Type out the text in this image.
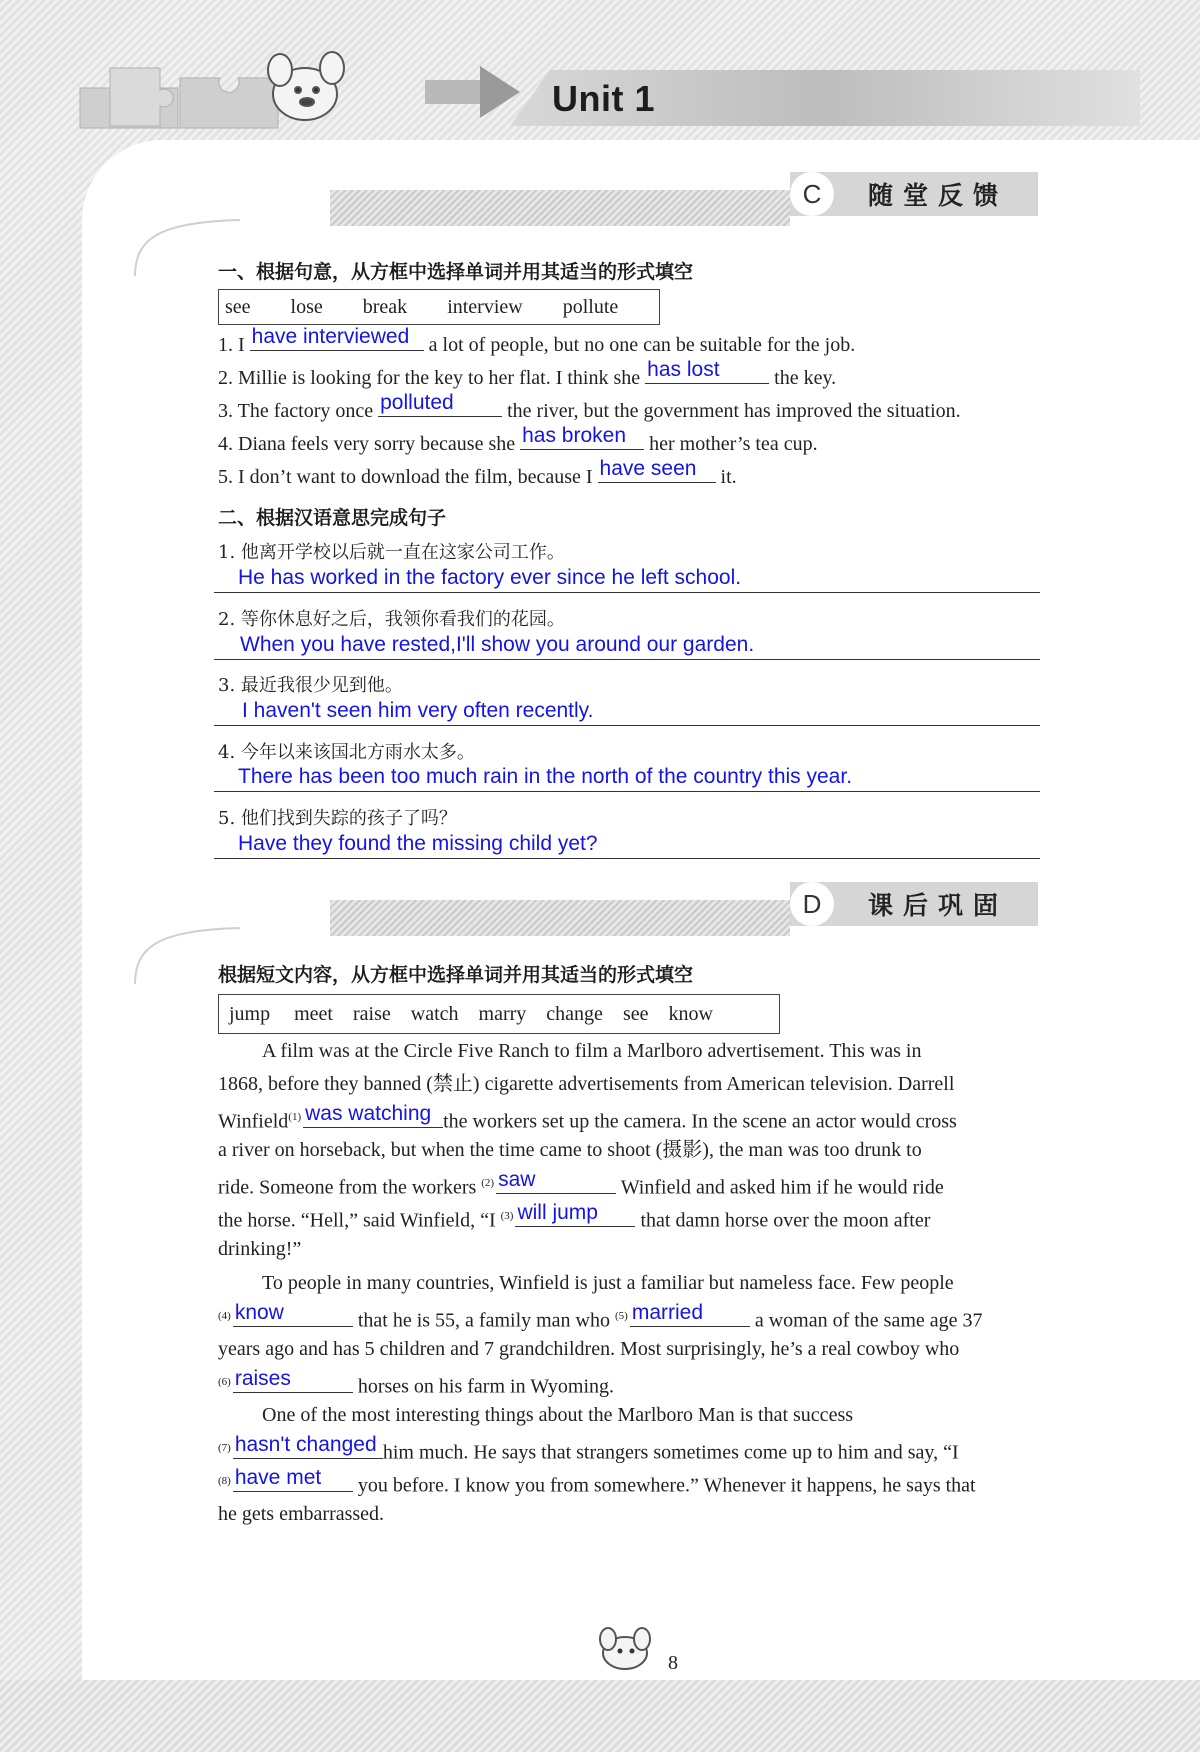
Unit 1
C	随堂反馈
一、根据句意，从方框中选择单词并用其适当的形式填空
see lose break interview pollute
1. I have interviewed a lot of people, but no one can be suitable for the job.
2. Millie is looking for the key to her flat. I think she has lost	the key.
3. The factory once polluted	the river, but the government has improved the situation.
4. Diana feels very sorry because she has broken her mother’s tea cup.
5. I don’t want to download the film, because I have seen it.
二、根据汉语意思完成句子
1. 他离开学校以后就一直在这家公司工作。
He has worked in the factory ever since he left school.
2. 等你休息好之后，我领你看我们的花园。
When you have rested,I'll show you around our garden.
3. 最近我很少见到他。
I haven't seen him very often recently.
4. 今年以来该国北方雨水太多。
There has been too much rain in the north of the country this year.
5. 他们找到失踪的孩子了吗？
Have they found the missing child yet?
D	课后巩固
根据短文内容，从方框中选择单词并用其适当的形式填空
jump meet raise watch marry change see know
A film was at the Circle Five Ranch to film a Marlboro advertisement. This was in
1868, before they banned (禁止) cigarette advertisements from American television. Darrell
Winfield$^{(1)}$ was watching the workers set up the camera. In the scene an actor would cross
a river on horseback, but when the time came to shoot (摄影), the man was too drunk to
ride. Someone from the workers $^{(2)}$ saw	Winfield and asked him if he would ride
the horse. “Hell,” said Winfield, “I $^{(3)}$ will jump that damn horse over the moon after
drinking!”
To people in many countries, Winfield is just a familiar but nameless face. Few people
$^{(4)}$ know	that he is 55, a family man who $^{(5)}$ married	a woman of the same age 37
years ago and has 5 children and 7 grandchildren. Most surprisingly, he’s a real cowboy who
$^{(6)}$ raises	horses on his farm in Wyoming.
One of the most interesting things about the Marlboro Man is that success
$^{(7)}$ hasn't changed him much. He says that strangers sometimes come up to him and say, “I
$^{(8)}$ have met you before. I know you from somewhere.” Whenever it happens, he says that
he gets embarrassed.
8
